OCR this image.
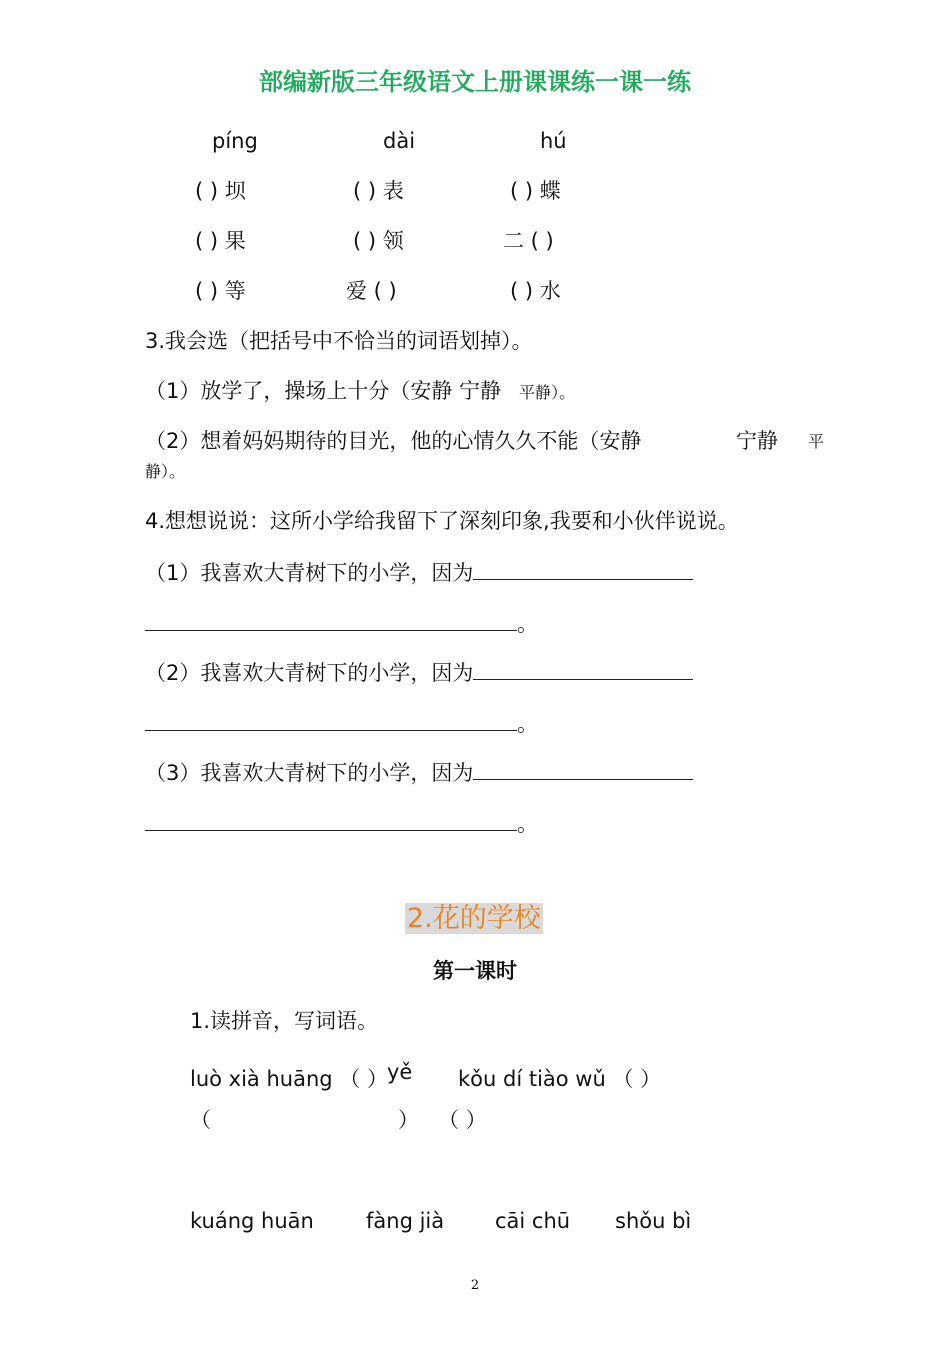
部编新版三年级语文上册课课练一课一练
píng	dài	hú
( ) 坝	( ) 表	( ) 蝶
( ) 果	( ) 领	二 ( )
( ) 等	爱 ( )	( ) 水
3.我会选（把括号中不恰当的词语划掉）。
（1）放学了，操场上十分（安静 宁静 平静）。
（2）想着妈妈期待的目光，他的心情久久不能（安静	宁静 平
静）。
4.想想说说：这所小学给我留下了深刻印象,我要和小伙伴说说。
（1）我喜欢大青树下的小学，因为
。
（2）我喜欢大青树下的小学，因为
。
（3）我喜欢大青树下的小学，因为
。
2.花的学校
第一课时
1.读拼音，写词语。
luò xià huāng （ ） yě kǒu dí tiào wǔ （ ）
（	） （ ）
kuáng huān fàng jià cāi chū shǒu bì
2
